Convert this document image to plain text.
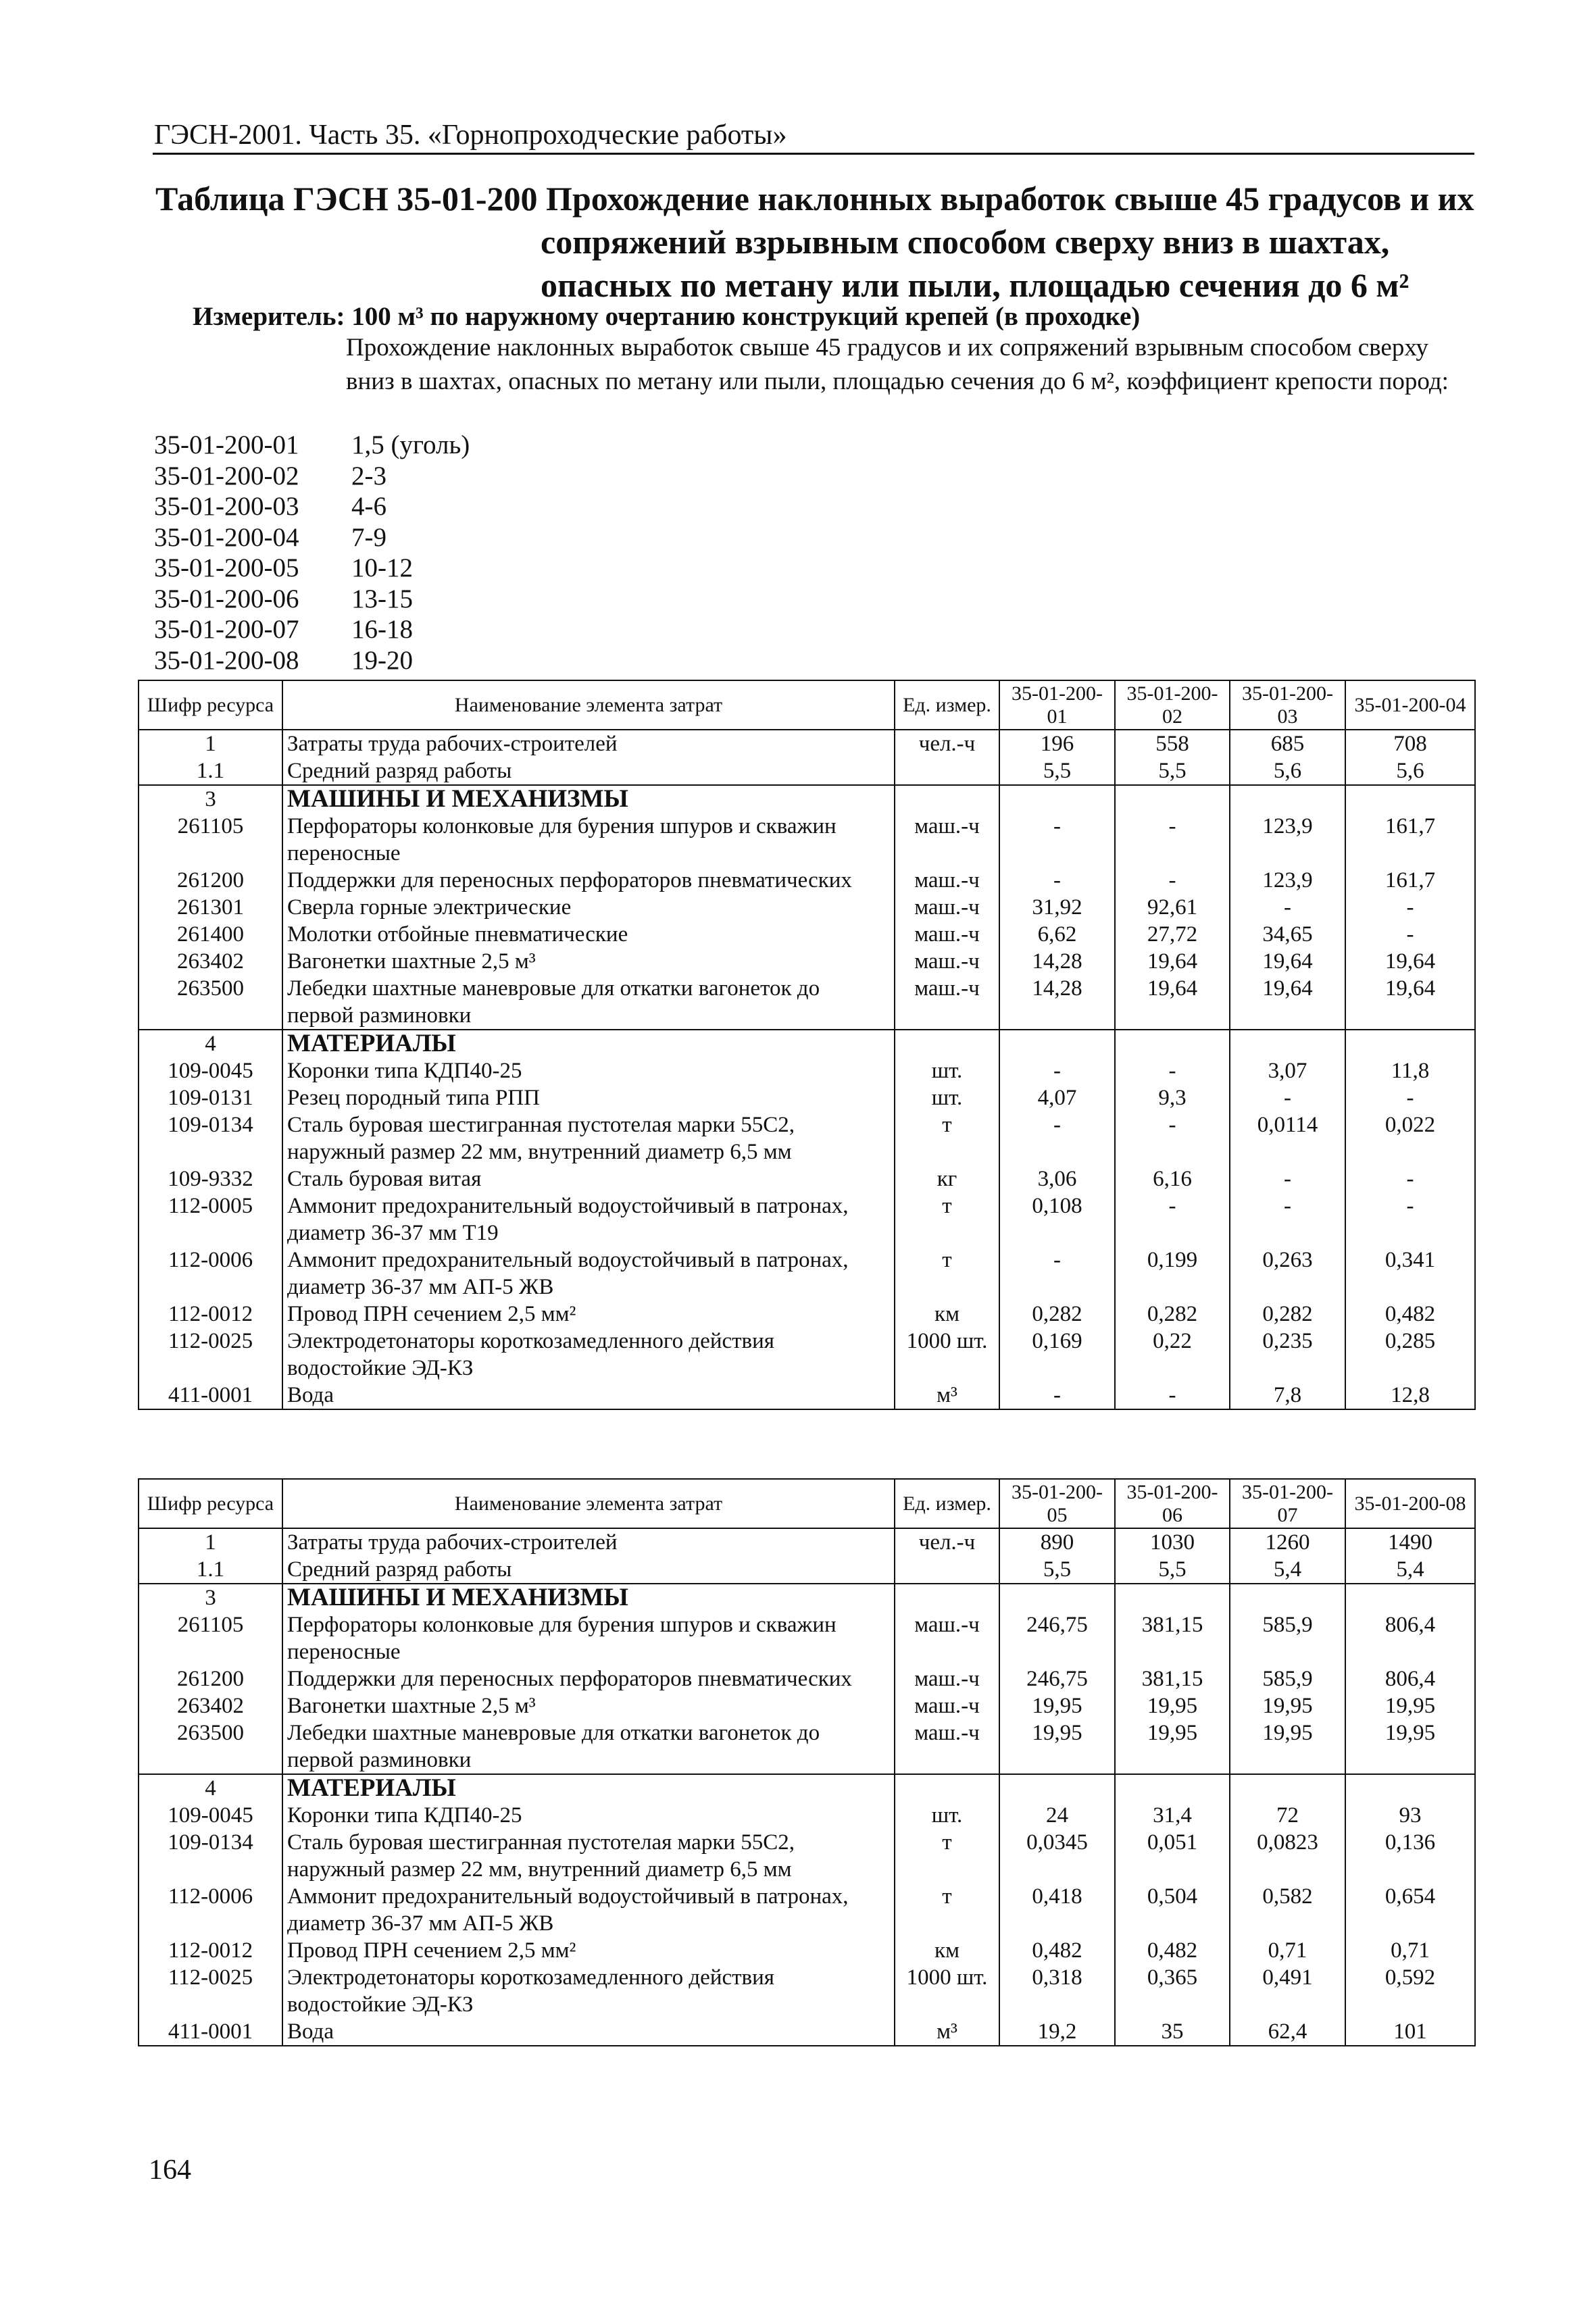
ГЭСН-2001. Часть 35. «Горнопроходческие работы»
Таблица ГЭСН 35-01-200 Прохождение наклонных выработок свыше 45 градусов и их
сопряжений взрывным способом сверху вниз в шахтах,
опасных по метану или пыли, площадью сечения до 6 м²
Измеритель: 100 м³ по наружному очертанию конструкций крепей (в проходке)
Прохождение наклонных выработок свыше 45 градусов и их сопряжений взрывным способом сверху вниз в шахтах, опасных по метану или пыли, площадью сечения до 6 м², коэффициент крепости пород:
35-01-200-01	1,5 (уголь)
35-01-200-02	2-3
35-01-200-03	4-6
35-01-200-04	7-9
35-01-200-05	10-12
35-01-200-06	13-15
35-01-200-07	16-18
35-01-200-08	19-20
Шифр ресурса	Наименование элемента затрат	Ед. измер.	35-01-200-01	35-01-200-02	35-01-200-03	35-01-200-04
1	Затраты труда рабочих-строителей	чел.-ч	196	558	685	708
1.1	Средний разряд работы		5,5	5,5	5,6	5,6
3	МАШИНЫ И МЕХАНИЗМЫ					
261105	Перфораторы колонковые для бурения шпуров и скважин переносные	маш.-ч	-	-	123,9	161,7
261200	Поддержки для переносных перфораторов пневматических	маш.-ч	-	-	123,9	161,7
261301	Сверла горные электрические	маш.-ч	31,92	92,61	-	-
261400	Молотки отбойные пневматические	маш.-ч	6,62	27,72	34,65	-
263402	Вагонетки шахтные 2,5 м³	маш.-ч	14,28	19,64	19,64	19,64
263500	Лебедки шахтные маневровые для откатки вагонеток до первой разминовки	маш.-ч	14,28	19,64	19,64	19,64
4	МАТЕРИАЛЫ					
109-0045	Коронки типа КДП40-25	шт.	-	-	3,07	11,8
109-0131	Резец породный типа РПП	шт.	4,07	9,3	-	-
109-0134	Сталь буровая шестигранная пустотелая марки 55С2, наружный размер 22 мм, внутренний диаметр 6,5 мм	т	-	-	0,0114	0,022
109-9332	Сталь буровая витая	кг	3,06	6,16	-	-
112-0005	Аммонит предохранительный водоустойчивый в патронах, диаметр 36-37 мм Т19	т	0,108	-	-	-
112-0006	Аммонит предохранительный водоустойчивый в патронах, диаметр 36-37 мм АП-5 ЖВ	т	-	0,199	0,263	0,341
112-0012	Провод ПРН сечением 2,5 мм²	км	0,282	0,282	0,282	0,482
112-0025	Электродетонаторы короткозамедленного действия водостойкие ЭД-КЗ	1000 шт.	0,169	0,22	0,235	0,285
411-0001	Вода	м³	-	-	7,8	12,8
Шифр ресурса	Наименование элемента затрат	Ед. измер.	35-01-200-05	35-01-200-06	35-01-200-07	35-01-200-08
1	Затраты труда рабочих-строителей	чел.-ч	890	1030	1260	1490
1.1	Средний разряд работы		5,5	5,5	5,4	5,4
3	МАШИНЫ И МЕХАНИЗМЫ					
261105	Перфораторы колонковые для бурения шпуров и скважин переносные	маш.-ч	246,75	381,15	585,9	806,4
261200	Поддержки для переносных перфораторов пневматических	маш.-ч	246,75	381,15	585,9	806,4
263402	Вагонетки шахтные 2,5 м³	маш.-ч	19,95	19,95	19,95	19,95
263500	Лебедки шахтные маневровые для откатки вагонеток до первой разминовки	маш.-ч	19,95	19,95	19,95	19,95
4	МАТЕРИАЛЫ					
109-0045	Коронки типа КДП40-25	шт.	24	31,4	72	93
109-0134	Сталь буровая шестигранная пустотелая марки 55С2, наружный размер 22 мм, внутренний диаметр 6,5 мм	т	0,0345	0,051	0,0823	0,136
112-0006	Аммонит предохранительный водоустойчивый в патронах, диаметр 36-37 мм АП-5 ЖВ	т	0,418	0,504	0,582	0,654
112-0012	Провод ПРН сечением 2,5 мм²	км	0,482	0,482	0,71	0,71
112-0025	Электродетонаторы короткозамедленного действия водостойкие ЭД-КЗ	1000 шт.	0,318	0,365	0,491	0,592
411-0001	Вода	м³	19,2	35	62,4	101
164
